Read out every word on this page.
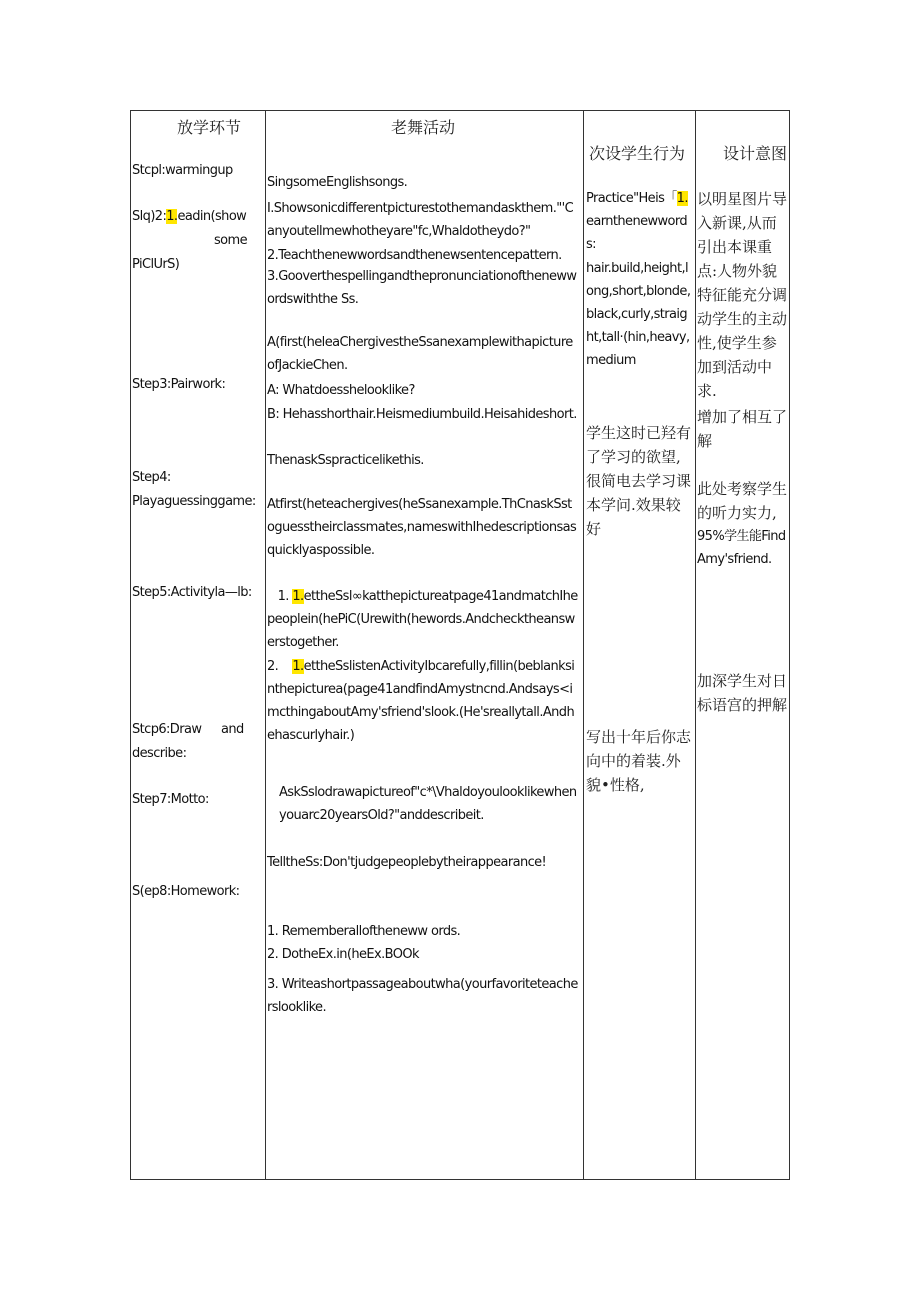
放学环节	老舞活动
次设学生行为 设计意图
Stcpl:warmingup
Slq)2:1.eadin(show
some
PiClUrS)
Step3:Pairwork:
Step4:
Playaguessinggame:
Step5:Activityla—lb:
Stcp6:Draw and
describe:
Step7:Motto:
S(ep8:Homework:
SingsomeEnglishsongs.
I.Showsonicdifferentpicturestothemandaskthem."'Canyoutellmewhotheyare"fc,Whaldotheydo?"
2.Teachthenewwordsandthenewsentencepattern.
3.Gooverthespellingandthepronunciationofthenewwordswiththe Ss.
A(first(heleaChergivestheSsanexamplewithapictureofJackieChen.
A: Whatdoesshelooklike?
B: Hehasshorthair.Heismediumbuild.Heisahideshort.
ThenaskSspracticelikethis.
Atfirst(heteachergives(heSsanexample.ThCnaskSstoguesstheirclassmates,nameswithIhedescriptionsasquicklyaspossible.
1. 1.ettheSsl∞katthepictureatpage41andmatchIhepeoplein(hePiC(Urewith(hewords.Andchecktheanswerstogether.
2. 1.ettheSslistenActivityIbcarefully,fillin(beblanksinthepicturea(page41andfindAmystncnd.Andsays<imcthingaboutAmy'sfriend'slook.(He'sreallytall.Andhehascurlyhair.)
AskSslodrawapictureof"c*\Vhaldoyoulooklikewhenyouarc20yearsOld?"anddescribeit.
TelltheSs:Don'tjudgepeoplebytheirappearance!
1. Rememberalloftheneww ords.
2. DotheEx.in(heEx.BOOk
3. Writeashortpassageaboutwha(yourfavoriteteacherslooklike.
Practice"Heis「1.earnthenewwords:
hair.build,height,long,short,blonde,black,curly,straight,tall·(hin,heavy,medium
学生这时已羟有了学习的欲望,很简电去学习课本学问.效果较好
写出十年后你志向中的着装.外貌•性格,
以明星图片导入新课,从而引出本课重点:人物外貌特征能充分调动学生的主动性,使学生参加到活动中求.
增加了相互了解
此处考察学生的听力实力,
95%学生能FindAmy'sfriend.
加深学生对日标语宫的押解
